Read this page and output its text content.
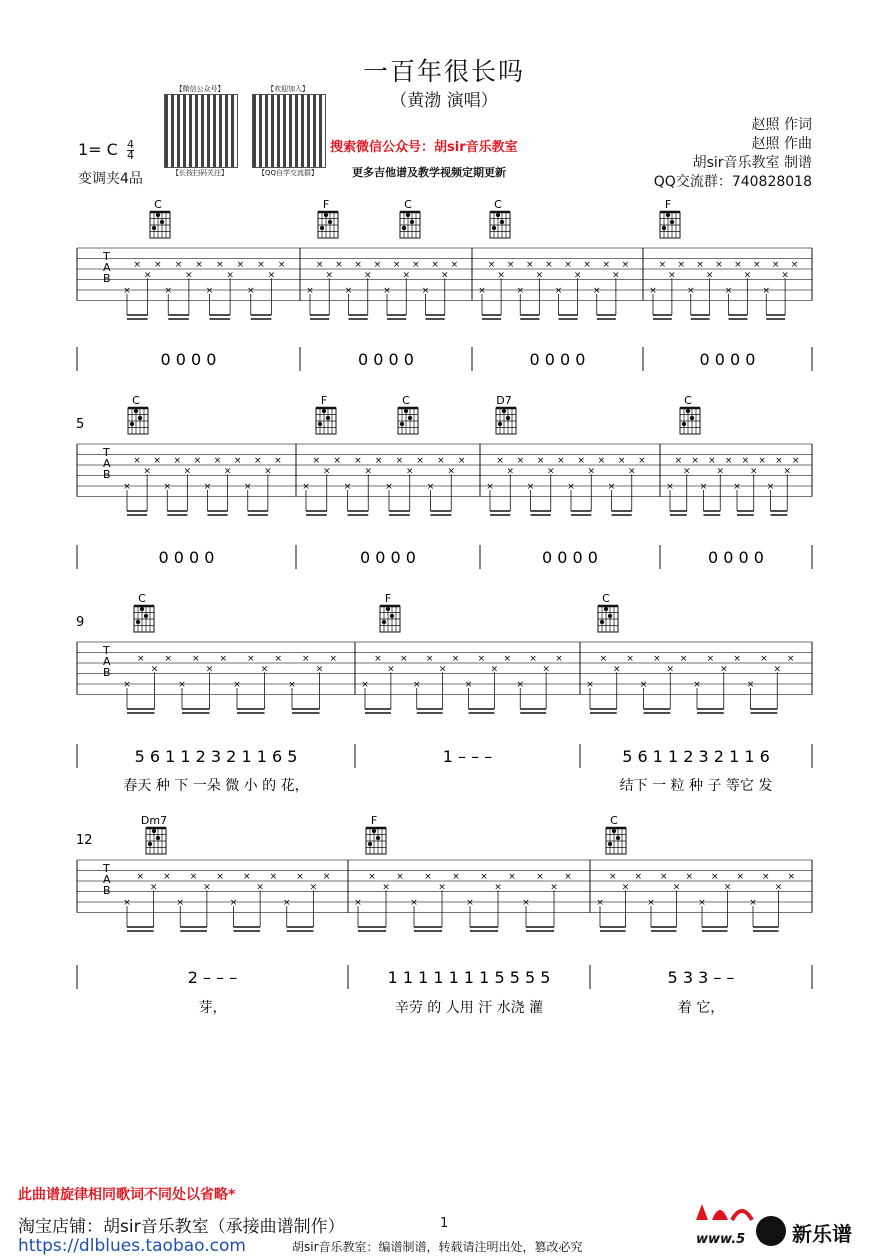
一百年很长吗
（黄渤 演唱）
【微信公众号】
【长按扫码关注】
【欢迎加入】
【QQ自学交流群】
搜索微信公众号：胡sir音乐教室
更多吉他谱及教学视频定期更新
赵照 作词
赵照 作曲
胡sir音乐教室 制谱
QQ交流群：740828018
1= C $\frac{4}{4}$
变调夹4品
C	F	C	C	F
T
A
B
×
×
×
×
×
×
×
×
×
×
×
×
×
×
×
×
×
×
×
×
×
×
×
×
×
×
×
×
×
×
×
×
×
×
×
×
×
×
×
×
×
×
×
×
×
×
×
×
×
×
×
×
×
×
×
×
×
×
×
×
×
×
×
×
0 0 0 0	0 0 0 0	0 0 0 0	0 0 0 0
5
C	F	C	D7	C
T
A
B
×
×
×
×
×
×
×
×
×
×
×
×
×
×
×
×
×
×
×
×
×
×
×
×
×
×
×
×
×
×
×
×
×
×
×
×
×
×
×
×
×
×
×
×
×
×
×
×
×
×
×
×
×
×
×
×
×
×
×
×
×
×
×
×
0 0 0 0	0 0 0 0	0 0 0 0	0 0 0 0
9
C	F	C
T
A
B
×
×
×
×
×
×
×
×
×
×
×
×
×
×
×
×
×
×
×
×
×
×
×
×
×
×
×
×
×
×
×
×
×
×
×
×
×
×
×
×
×
×
×
×
×
×
×
×
5 6 1 1 2 3 2 1 1 6 5	1 – – –	5 6 1 1 2 3 2 1 1 6
春天 种 下 一朵 微 小 的 花，	结下 一 粒 种 子 等它 发
12
Dm7	F	C
T
A
B
×
×
×
×
×
×
×
×
×
×
×
×
×
×
×
×
×
×
×
×
×
×
×
×
×
×
×
×
×
×
×
×
×
×
×
×
×
×
×
×
×
×
×
×
×
×
×
×
2 – – –	1 1 1 1 1 1 1 5 5 5 5	5 3 3 – –
芽，	辛劳 的 人用 汗 水浇 灌	着 它，
此曲谱旋律相同歌词不同处以省略*
淘宝店铺：胡sir音乐教室（承接曲谱制作）
https://dlblues.taobao.com
1
胡sir音乐教室：编谱制谱，转载请注明出处，篡改必究	www.5 新乐谱
